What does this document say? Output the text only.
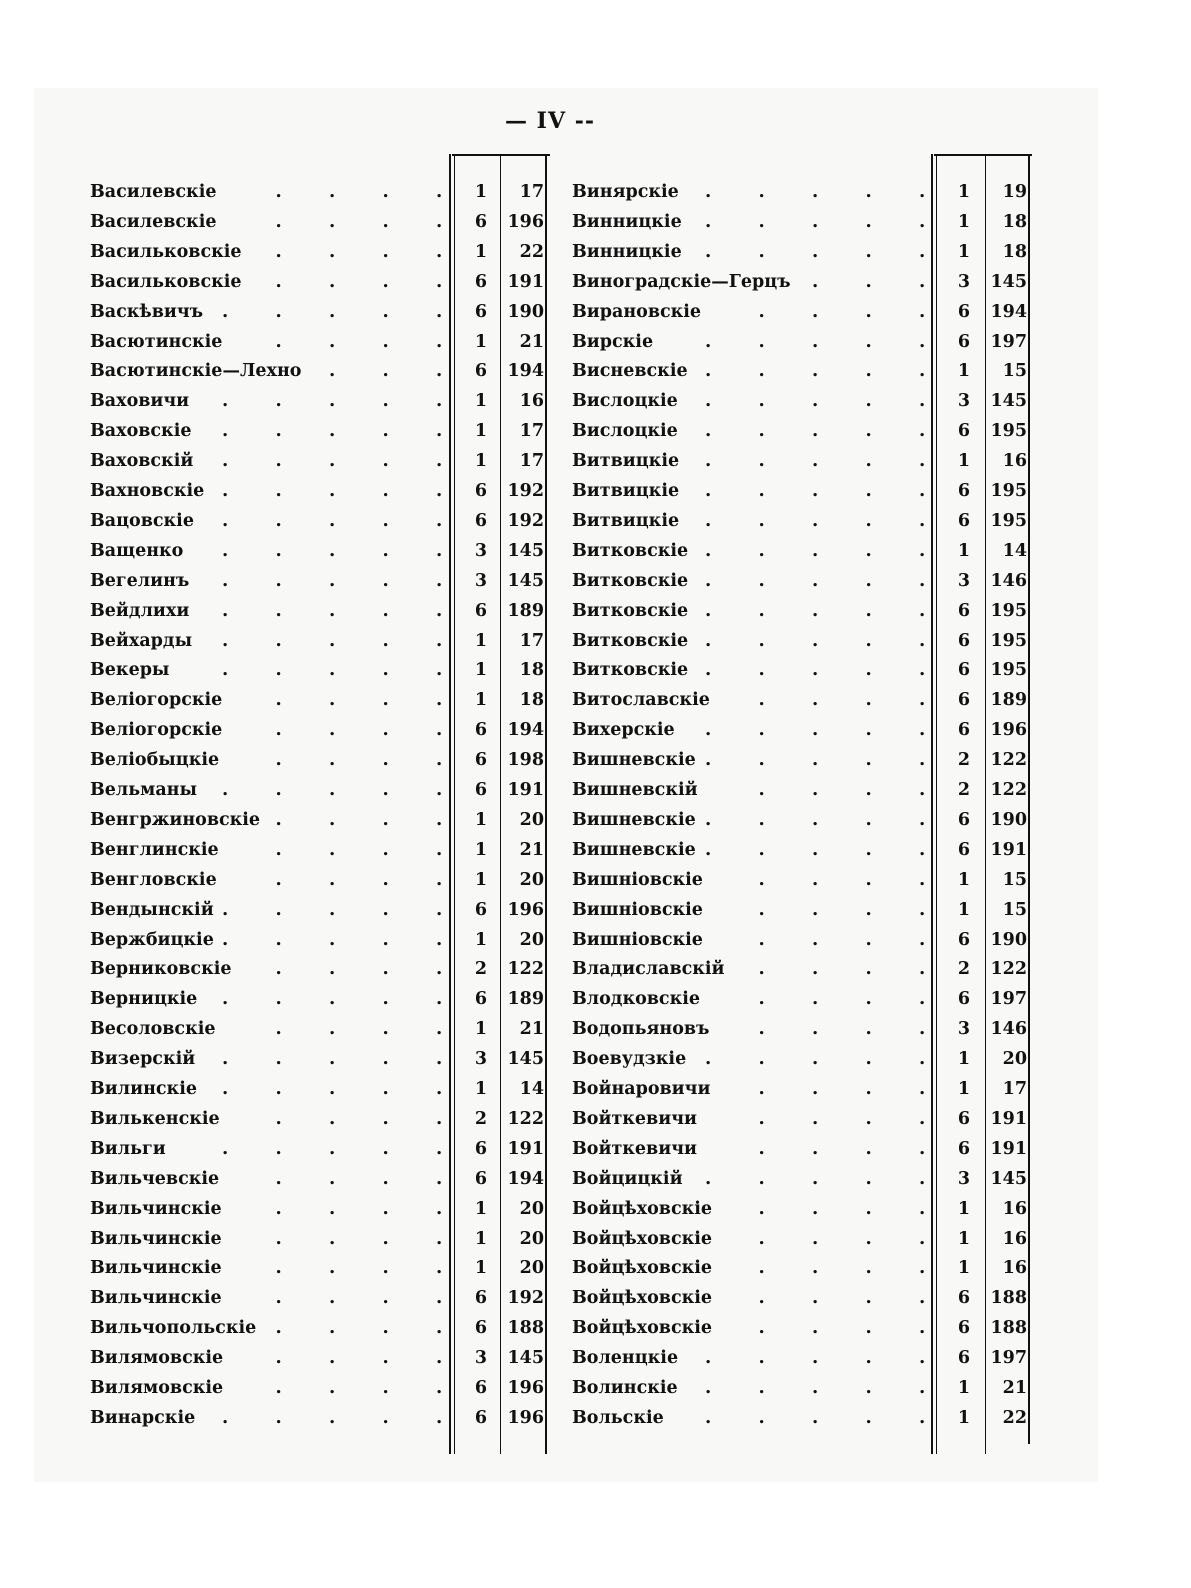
— IV --
Василевскіе	.	.	.	.	1	17
Василевскіе	.	.	.	.	6	196
Васильковскіе .	.	.	.	1	22
Васильковскіе .	.	.	.	6	191
Васкѣвичъ .	.	.	.	.	6	190
Васютинскіе	.	.	.	.	1	21
Васютинскіе—Лехно .	.	.	6	194
Ваховичи .	.	.	.	.	1	16
Ваховскіе .	.	.	.	.	1	17
Ваховскій .	.	.	.	.	1	17
Вахновскіе .	.	.	.	.	6	192
Вацовскіе .	.	.	.	.	6	192
Ващенко .	.	.	.	.	3	145
Вегелинъ .	.	.	.	.	3	145
Вейдлихи .	.	.	.	.	6	189
Вейхарды .	.	.	.	.	1	17
Векеры	.	.	.	.	.	1	18
Веліогорскіе	.	.	.	.	1	18
Веліогорскіе	.	.	.	.	6	194
Веліобыцкіе	.	.	.	.	6	198
Вельманы .	.	.	.	.	6	191
Венгржиновскіе .	.	.	.	1	20
Венглинскіе	.	.	.	.	1	21
Венгловскіе	.	.	.	.	1	20
Вендынскій .	.	.	.	.	6	196
Вержбицкіе .	.	.	.	.	1	20
Верниковскіе .	.	.	.	2	122
Верницкіе .	.	.	.	.	6	189
Весоловскіе	.	.	.	.	1	21
Визерскій .	.	.	.	.	3	145
Вилинскіе .	.	.	.	.	1	14
Вилькенскіе	.	.	.	.	2	122
Вильги	.	.	.	.	.	6	191
Вильчевскіе	.	.	.	.	6	194
Вильчинскіе	.	.	.	.	1	20
Вильчинскіе	.	.	.	.	1	20
Вильчинскіе	.	.	.	.	1	20
Вильчинскіе	.	.	.	.	6	192
Вильчопольскіе .	.	.	.	6	188
Вилямовскіе	.	.	.	.	3	145
Вилямовскіе	.	.	.	.	6	196
Винарскіе .	.	.	.	.	6	196
Винярскіе .	.	.	.	.	1	19
Винницкіе .	.	.	.	.	1	18
Винницкіе .	.	.	.	.	1	18
Виноградскіе—Герцъ .	.	.	3	145
Вирановскіе	.	.	.	.	6	194
Вирскіе	.	.	.	.	.	6	197
Висневскіе .	.	.	.	.	1	15
Вислоцкіе .	.	.	.	.	3	145
Вислоцкіе .	.	.	.	.	6	195
Витвицкіе .	.	.	.	.	1	16
Витвицкіе .	.	.	.	.	6	195
Витвицкіе .	.	.	.	.	6	195
Витковскіе .	.	.	.	.	1	14
Витковскіе .	.	.	.	.	3	146
Витковскіе .	.	.	.	.	6	195
Витковскіе .	.	.	.	.	6	195
Витковскіе .	.	.	.	.	6	195
Витославскіе	.	.	.	.	6	189
Вихерскіе .	.	.	.	.	6	196
Вишневскіе .	.	.	.	.	2	122
Вишневскій	.	.	.	.	2	122
Вишневскіе .	.	.	.	.	6	190
Вишневскіе .	.	.	.	.	6	191
Вишніовскіе	.	.	.	.	1	15
Вишніовскіе	.	.	.	.	1	15
Вишніовскіе	.	.	.	.	6	190
Владиславскій .	.	.	.	2	122
Влодковскіе	.	.	.	.	6	197
Водопьяновъ	.	.	.	.	3	146
Воевудзкіе .	.	.	.	.	1	20
Войнаровичи	.	.	.	.	1	17
Войткевичи	.	.	.	.	6	191
Войткевичи	.	.	.	.	6	191
Войцицкій .	.	.	.	.	3	145
Войцѣховскіе	.	.	.	.	1	16
Войцѣховскіе	.	.	.	.	1	16
Войцѣховскіе	.	.	.	.	1	16
Войцѣховскіе	.	.	.	.	6	188
Войцѣховскіе	.	.	.	.	6	188
Воленцкіе .	.	.	.	.	6	197
Волинскіе .	.	.	.	.	1	21
Вольскіе .	.	.	.	.	1	22
